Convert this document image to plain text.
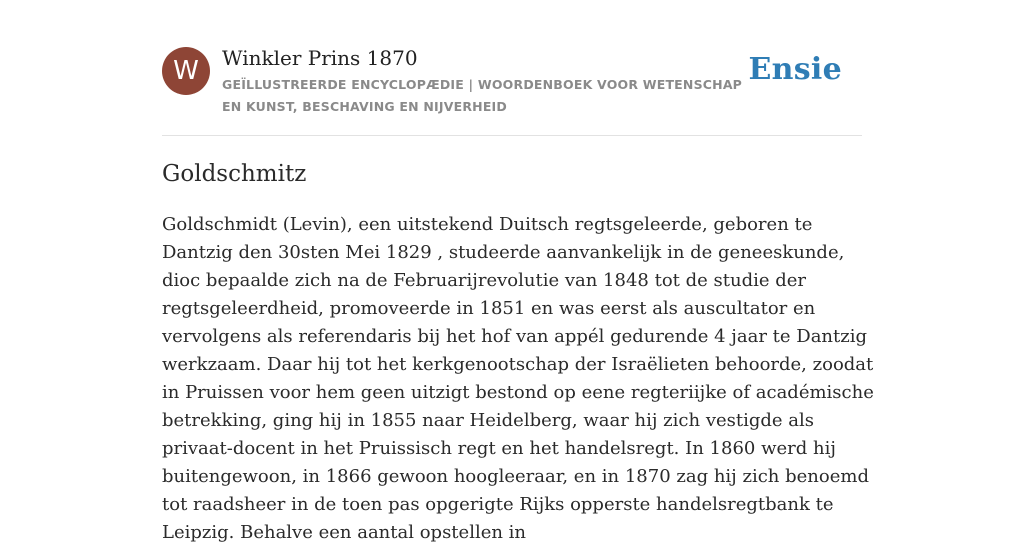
W	Winkler Prins 1870
GEÏLLUSTREERDE ENCYCLOPÆDIE | WOORDENBOEK VOOR WETENSCHAP EN KUNST, BESCHAVING EN NIJVERHEID
Ensie
Goldschmitz

Goldschmidt (Levin), een uitstekend Duitsch regtsgeleerde, geboren te Dantzig den 30sten Mei 1829 , studeerde aanvankelijk in de geneeskunde, dioc bepaalde zich na de Februarijrevolutie van 1848 tot de studie der regtsgeleerdheid, promoveerde in 1851 en was eerst als auscultator en vervolgens als referendaris bij het hof van appél gedurende 4 jaar te Dantzig werkzaam. Daar hij tot het kerkgenootschap der Israëlieten behoorde, zoodat in Pruissen voor hem geen uitzigt bestond op eene regteriijke of académische betrekking, ging hij in 1855 naar Heidelberg, waar hij zich vestigde als privaat-docent in het Pruissisch regt en het handelsregt. In 1860 werd hij buitengewoon, in 1866 gewoon hoogleeraar, en in 1870 zag hij zich benoemd tot raadsheer in de toen pas opgerigte Rijks opperste handelsregtbank te Leipzig. Behalve een aantal opstellen in
